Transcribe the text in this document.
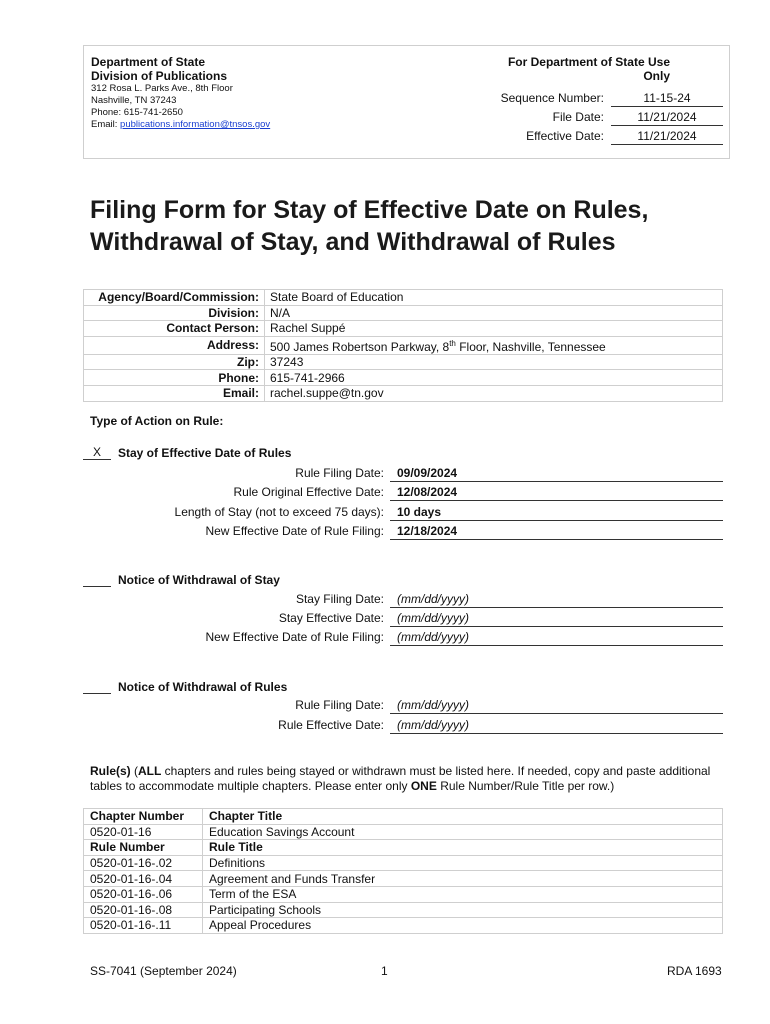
Department of State
Division of Publications
312 Rosa L. Parks Ave., 8th Floor
Nashville, TN 37243
Phone: 615-741-2650
Email: publications.information@tnsos.gov
For Department of State Use Only
Sequence Number:	11-15-24
File Date:	11/21/2024
Effective Date:	11/21/2024
Filing Form for Stay of Effective Date on Rules,
Withdrawal of Stay, and Withdrawal of Rules
Agency/Board/Commission:	State Board of Education
Division:	N/A
Contact Person:	Rachel Suppé
Address:	500 James Robertson Parkway, 8th Floor, Nashville, Tennessee
Zip:	37243
Phone:	615-741-2966
Email:	rachel.suppe@tn.gov
Type of Action on Rule:
X Stay of Effective Date of Rules
Rule Filing Date:	09/09/2024
Rule Original Effective Date:	12/08/2024
Length of Stay (not to exceed 75 days):	10 days
New Effective Date of Rule Filing:	12/18/2024
Notice of Withdrawal of Stay
Stay Filing Date:	(mm/dd/yyyy)
Stay Effective Date:	(mm/dd/yyyy)
New Effective Date of Rule Filing:	(mm/dd/yyyy)
Notice of Withdrawal of Rules
Rule Filing Date:	(mm/dd/yyyy)
Rule Effective Date:	(mm/dd/yyyy)
Rule(s) (ALL chapters and rules being stayed or withdrawn must be listed here. If needed, copy and paste additional tables to accommodate multiple chapters. Please enter only ONE Rule Number/Rule Title per row.)
Chapter Number	Chapter Title
0520-01-16	Education Savings Account
Rule Number	Rule Title
0520-01-16-.02	Definitions
0520-01-16-.04	Agreement and Funds Transfer
0520-01-16-.06	Term of the ESA
0520-01-16-.08	Participating Schools
0520-01-16-.11	Appeal Procedures
SS-7041 (September 2024)	1	RDA 1693
